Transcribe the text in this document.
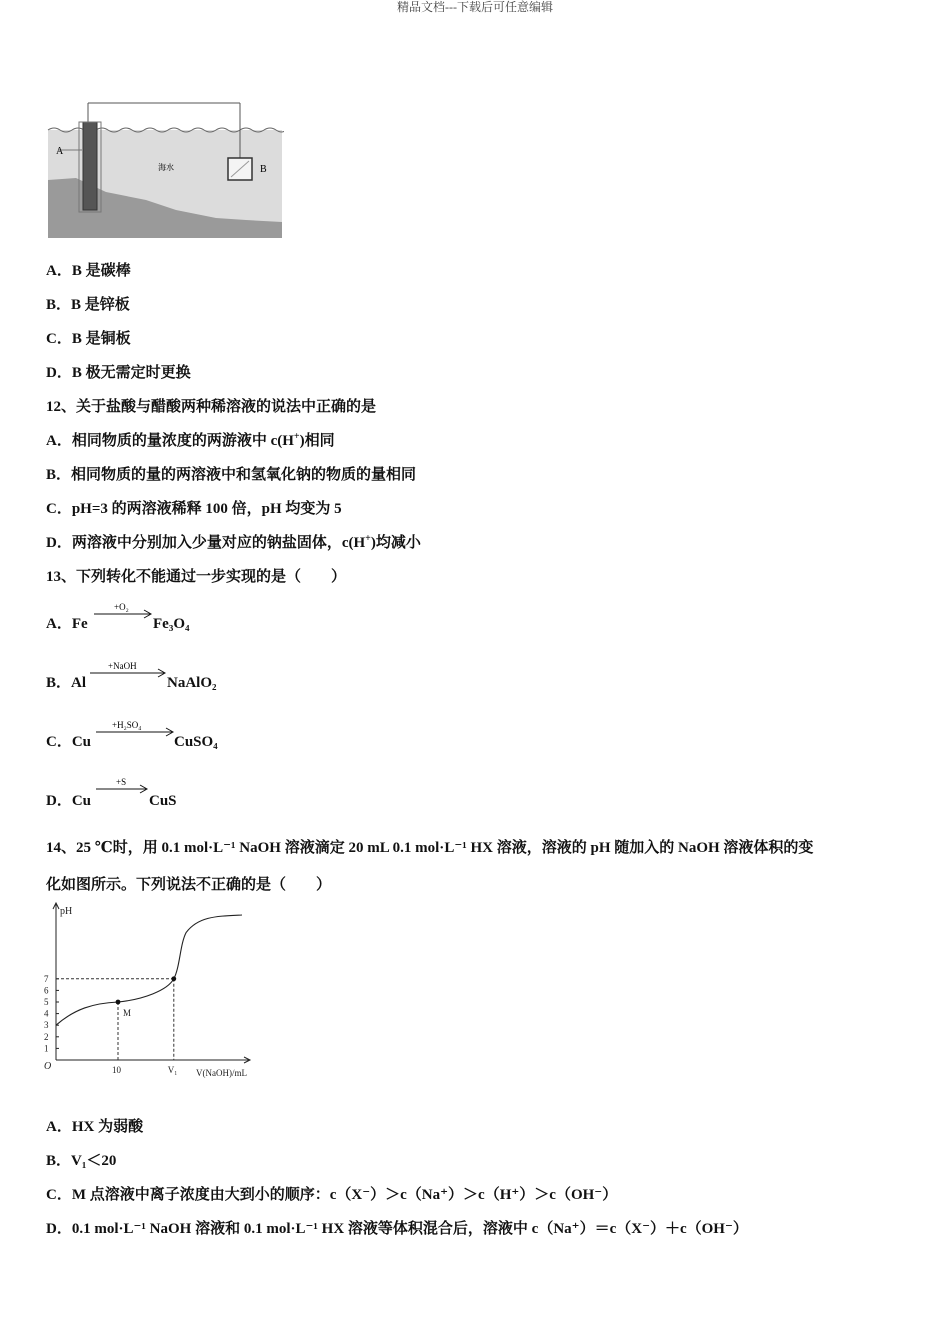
精品文档---下载后可任意编辑
A
B
海水
A．B 是碳棒
B．B 是锌板
C．B 是铜板
D．B 极无需定时更换
12、关于盐酸与醋酸两种稀溶液的说法中正确的是
A．相同物质的量浓度的两游液中 c(H+)相同
B．相同物质的量的两溶液中和氢氧化钠的物质的量相同
C．pH=3 的两溶液稀释 100 倍，pH 均变为 5
D．两溶液中分别加入少量对应的钠盐固体，c(H+)均减小
13、下列转化不能通过一步实现的是（　　）
A．Fe
+O₂
Fe₃O₄
B．Al
+NaOH
NaAlO₂
C．Cu
+H₂SO₄
CuSO₄
D．Cu
+S
CuS
14、25 ℃时，用 0.1 mol·L⁻¹ NaOH 溶液滴定 20 mL 0.1 mol·L⁻¹ HX 溶液，溶液的 pH 随加入的 NaOH 溶液体积的变
化如图所示。下列说法不正确的是（　　）
pH
O
V(NaOH)/mL
1
2
3
4
5
6
7
10	V₁
M
A．HX 为弱酸
B．V₁＜20
C．M 点溶液中离子浓度由大到小的顺序：c（X⁻）＞c（Na⁺）＞c（H⁺）＞c（OH⁻）
D．0.1 mol·L⁻¹ NaOH 溶液和 0.1 mol·L⁻¹ HX 溶液等体积混合后，溶液中 c（Na⁺）＝c（X⁻）＋c（OH⁻）
